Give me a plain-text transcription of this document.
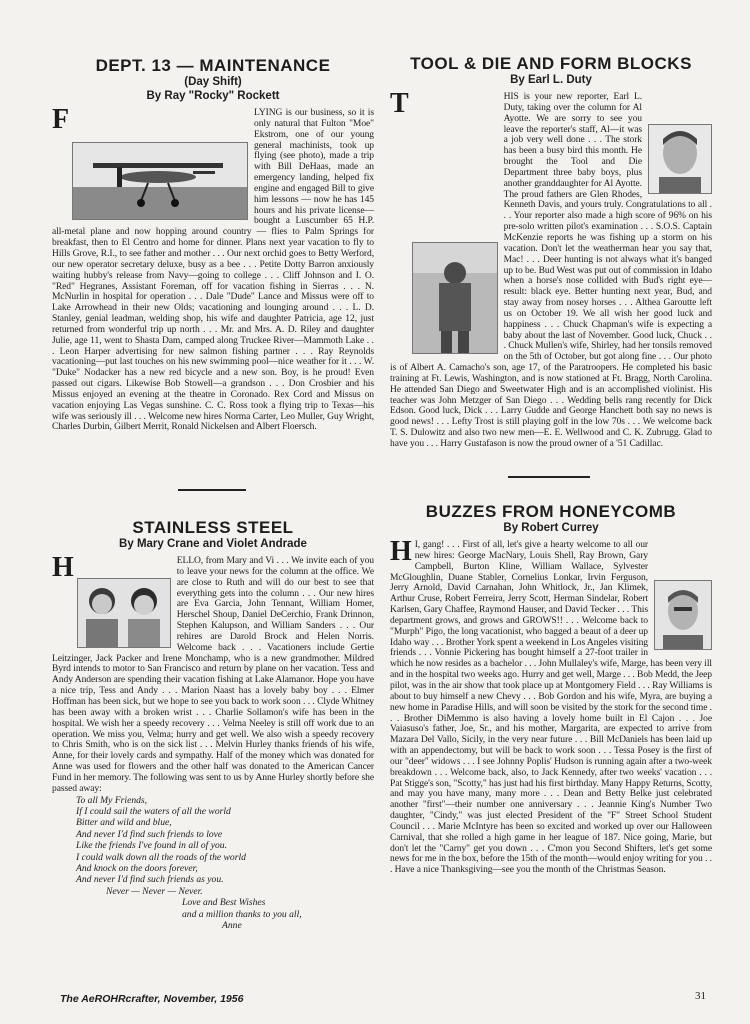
DEPT. 13 — MAINTENANCE
(Day Shift)
By Ray "Rocky" Rockett

F	LYING is our business, so it is only natural that Fulton "Moe" Ekstrom, one of our young general machinists, took up flying (see photo), made a trip with Bill DeHaas, made an emergency landing, helped fix engine and engaged Bill to give him lessons — now he has 145 hours and his private license—bought a Luscumber 65 H.P. all-metal plane and now hopping around country — flies to Palm Springs for breakfast, then to El Centro and home for dinner. Plans next year vacation to fly to Hills Grove, R.I., to see father and mother . . . Our next orchid goes to Betty Werford, our new operator secretary deluxe, busy as a bee . . . Petite Dotty Barron anxiously waiting hubby's release from Navy—going to college . . . Cliff Johnson and I. O. "Red" Hegranes, Assistant Foreman, off for vacation fishing in Sierras . . . N. McNurlin in hospital for operation . . . Dale "Dude" Lance and Missus were off to Lake Arrowhead in their new Olds; vacationing and lounging around . . . L. D. Stanley, genial leadman, welding shop, his wife and daughter Patricia, age 12, just returned from wonderful trip up north . . . Mr. and Mrs. A. D. Riley and daughter Julie, age 11, went to Shasta Dam, camped along Truckee River—Mammoth Lake . . . Leon Harper advertising for new salmon fishing partner . . . Ray Reynolds vacationing—put last touches on his new swimming pool—nice weather for it . . . W. "Duke" Nodacker has a new red bicycle and a new son. Boy, is he proud! Even passed out cigars. Likewise Bob Stowell—a grandson . . . Don Crosbier and his Missus enjoyed an evening at the theatre in Coronado. Rex Cord and Missus on vacation enjoying Las Vegas sunshine. C. C. Ross took a flying trip to Texas—his wife was seriously ill . . . Welcome new hires Norma Carter, Leo Muller, Guy Wright, Charles Durbin, Gilbert Merrit, Ronald Nickelsen and Albert Floersch.

STAINLESS STEEL
By Mary Crane and Violet Andrade

H	ELLO, from Mary and Vi . . . We invite each of you to leave your news for the column at the office. We are close to Ruth and will do our best to see that everything gets into the column . . . Our new hires are Eva Garcia, John Tennant, William Homer, Herschel Shoup, Daniel DeCerchio, Frank Drinnon, Stephen Kalupson, and William Sanders . . . Our rehires are Darold Brock and Helen Norris. Welcome back . . . Vacationers include Gertie Leitzinger, Jack Packer and Irene Monchamp, who is a new grandmother. Mildred Byrd intends to motor to San Francisco and return by plane on her vacation. Tess and Andy Anderson are spending their vacation fishing at Lake Alamanor. Hope you have a nice trip, Tess and Andy . . . Marion Naast has a lovely baby boy . . . Elmer Hoffman has been sick, but we hope to see you back to work soon . . . Clyde Whitney has been away with a broken wrist . . . Charlie Sollamon's wife has been in the hospital. We wish her a speedy recovery . . . Velma Neeley is still off work due to an operation. We miss you, Velma; hurry and get well. We also wish a speedy recovery to Chris Smith, who is on the sick list . . . Melvin Hurley thanks friends of his wife, Anne, for their lovely cards and sympathy. Half of the money which was donated for Anne was used for flowers and the other half was donated to the American Cancer Fund in her memory. The following was sent to us by Anne Hurley shortly before she passed away:

To all My Friends,
If I could sail the waters of all the world
Bitter and wild and blue,
And never I'd find such friends to love
Like the friends I've found in all of you.
I could walk down all the roads of the world
And knock on the doors forever,
And never I'd find such friends as you.
Never — Never — Never.
Love and Best Wishes
and a million thanks to you all,
Anne
TOOL & DIE AND FORM BLOCKS
By Earl L. Duty

T	HIS is your new reporter, Earl L. Duty, taking over the column for Al Ayotte. We are sorry to see you leave the reporter's staff, Al—it was a job very well done . . . The stork has been a busy bird this month. He brought the Tool and Die Department three baby boys, plus another granddaughter for Al Ayotte. The proud fathers are Glen Rhodes, Kenneth Davis, and yours truly. Congratulations to all . . . Your reporter also made a high score of 96% on his pre-solo written pilot's examination . . . S.O.S. Captain McKenzie reports he was fishing up a storm on his vacation. Don't let the weatherman hear you say that, Mac! . . . Deer hunting is not always what it's banged up to be. Bud West was put out of commission in Idaho when a horse's nose collided with Bud's right eye—result: black eye. Better hunting next year, Bud, and stay away from nosey horses . . . Althea Garoutte left us on October 19. We all wish her good luck and happiness . . . Chuck Chapman's wife is expecting a baby about the last of November. Good luck, Chuck . . . Chuck Mullen's wife, Shirley, had her tonsils removed on the 5th of October, but got along fine . . . Our photo is of Albert A. Camacho's son, age 17, of the Paratroopers. He completed his basic training at Ft. Lewis, Washington, and is now stationed at Ft. Bragg, North Carolina. He attended San Diego and Sweetwater High and is an accomplished violinist. His teacher was John Metzger of San Diego . . . Wedding bells rang recently for Dick Edson. Good luck, Dick . . . Larry Gudde and George Hanchett both say no news is good news! . . . Lefty Trost is still playing golf in the low 70s . . . We welcome back T. S. Dulowitz and also two new men—E. E. Wellwood and C. K. Zubrugg. Glad to have you . . . Harry Gustafason is now the proud owner of a '51 Cadillac.

BUZZES FROM HONEYCOMB
By Robert Currey

H I, gang! . . . First of all, let's give a hearty welcome to all our new hires: George MacNary, Louis Shell, Ray Brown, Gary Campbell, Burton Kline, William Wallace, Sylvester McGloughlin, Duane Stabler, Cornelius Lonkar, Irvin Ferguson, Jerry Arnold, David Carnahan, John Whitlock, Jr., Jan Klimek, Arthur Cruse, Robert Ferreira, Jerry Scott, Herman Sindelar, Robert Karlsen, Gary Chaffee, Raymond Hauser, and David Tecker . . . This department grows, and grows and GROWS!! . . . Welcome back to "Murph" Pigo, the long vacationist, who bagged a beaut of a deer up Idaho way . . . Brother York spent a weekend in Los Angeles visiting friends . . . Vonnie Pickering has bought himself a 27-foot trailer in which he now resides as a bachelor . . . John Mullaley's wife, Marge, has been very ill and in the hospital two weeks ago. Hurry and get well, Marge . . . Bob Medd, the Jeep pilot, was in the air show that took place up at Montgomery Field . . . Ray Williams is about to buy himself a new Chevy . . . Bob Gordon and his wife, Myra, are buying a new home in Paradise Hills, and will soon be visited by the stork for the second time . . . Brother DiMemmo is also having a lovely home built in El Cajon . . . Joe Vaiasuso's father, Joe, Sr., and his mother, Margarita, are expected to arrive from Mazara Del Vallo, Sicily, in the very near future . . . Bill McDaniels has been laid up with an appendectomy, but will be back to work soon . . . Tessa Posey is the first of our "deer" widows . . . I see Johnny Poplis' Hudson is running again after a two-week breakdown . . . Welcome back, also, to Jack Kennedy, after two weeks' vacation . . . Pat Stigge's son, "Scotty," has just had his first birthday. Many Happy Returns, Scotty, and may you have many, many more . . . Dean and Betty Belke just celebrated another "first"—their number one anniversary . . . Jeannie King's Number Two daughter, "Cindy," was just elected President of the "F" Street School Student Council . . . Marie McIntyre has been so excited and worked up over our Halloween Carnival, that she rolled a high game in her league of 187. Nice going, Marie, but don't let the "Carny" get you down . . . C'mon you Second Shifters, let's get some news for me in the box, before the 15th of the month—would enjoy writing for you . . . Have a nice Thanksgiving—see you the month of the Christmas Season.

The AeROHRcrafter, November, 1956	31
